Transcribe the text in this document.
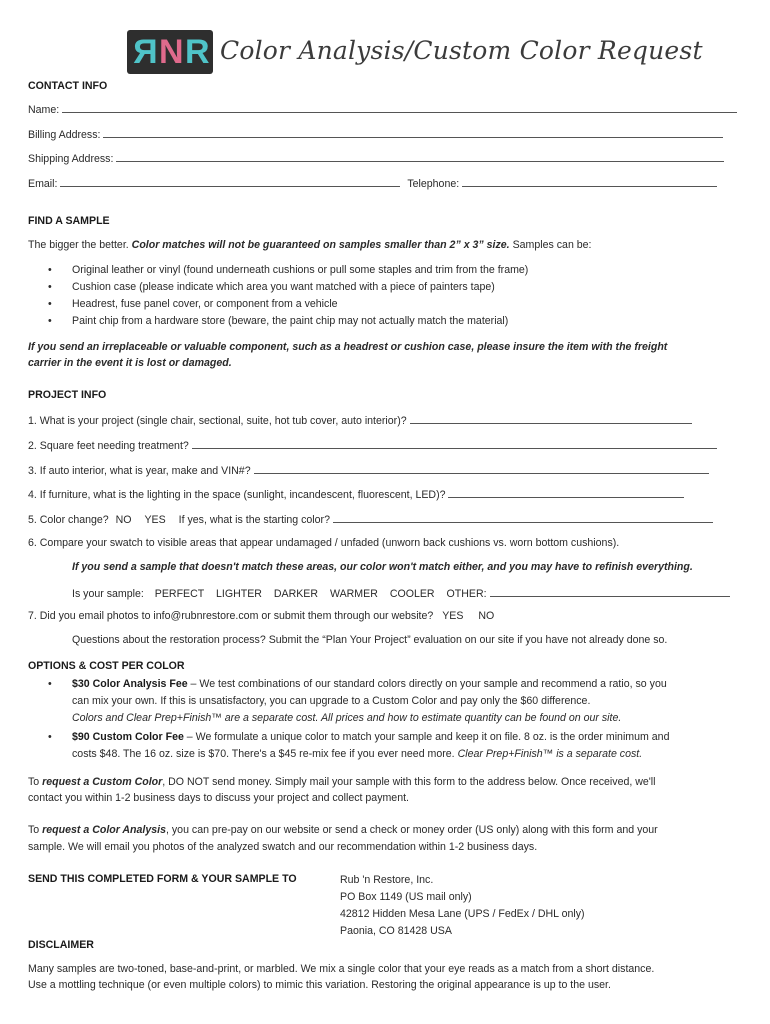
R N R Color Analysis/Custom Color Request
CONTACT INFO
Name:
Billing Address:
Shipping Address:
Email:	Telephone:
FIND A SAMPLE
The bigger the better. Color matches will not be guaranteed on samples smaller than 2” x 3” size. Samples can be:
• Original leather or vinyl (found underneath cushions or pull some staples and trim from the frame)
• Cushion case (please indicate which area you want matched with a piece of painters tape)
• Headrest, fuse panel cover, or component from a vehicle
• Paint chip from a hardware store (beware, the paint chip may not actually match the material)
If you send an irreplaceable or valuable component, such as a headrest or cushion case, please insure the item with the freight
carrier in the event it is lost or damaged.
PROJECT INFO
1. What is your project (single chair, sectional, suite, hot tub cover, auto interior)?
2. Square feet needing treatment?
3. If auto interior, what is year, make and VIN#?
4. If furniture, what is the lighting in the space (sunlight, incandescent, fluorescent, LED)?
5. Color change? NO YES If yes, what is the starting color?
6. Compare your swatch to visible areas that appear undamaged / unfaded (unworn back cushions vs. worn bottom cushions).
If you send a sample that doesn't match these areas, our color won't match either, and you may have to refinish everything.
Is your sample: PERFECT LIGHTER DARKER WARMER COOLER OTHER:
7. Did you email photos to info@rubnrestore.com or submit them through our website? YES NO
Questions about the restoration process? Submit the “Plan Your Project” evaluation on our site if you have not already done so.
OPTIONS & COST PER COLOR
• $30 Color Analysis Fee – We test combinations of our standard colors directly on your sample and recommend a ratio, so you
can mix your own. If this is unsatisfactory, you can upgrade to a Custom Color and pay only the $60 difference.
Colors and Clear Prep+Finish™ are a separate cost. All prices and how to estimate quantity can be found on our site.
• $90 Custom Color Fee – We formulate a unique color to match your sample and keep it on file. 8 oz. is the order minimum and
costs $48. The 16 oz. size is $70. There's a $45 re-mix fee if you ever need more. Clear Prep+Finish™ is a separate cost.
To request a Custom Color, DO NOT send money. Simply mail your sample with this form to the address below. Once received, we'll
contact you within 1-2 business days to discuss your project and collect payment.
To request a Color Analysis, you can pre-pay on our website or send a check or money order (US only) along with this form and your
sample. We will email you photos of the analyzed swatch and our recommendation within 1-2 business days.
SEND THIS COMPLETED FORM & YOUR SAMPLE TO	Rub 'n Restore, Inc.
PO Box 1149 (US mail only)
42812 Hidden Mesa Lane (UPS / FedEx / DHL only)
Paonia, CO 81428 USA
DISCLAIMER
Many samples are two-toned, base-and-print, or marbled. We mix a single color that your eye reads as a match from a short distance.
Use a mottling technique (or even multiple colors) to mimic this variation. Restoring the original appearance is up to the user.
